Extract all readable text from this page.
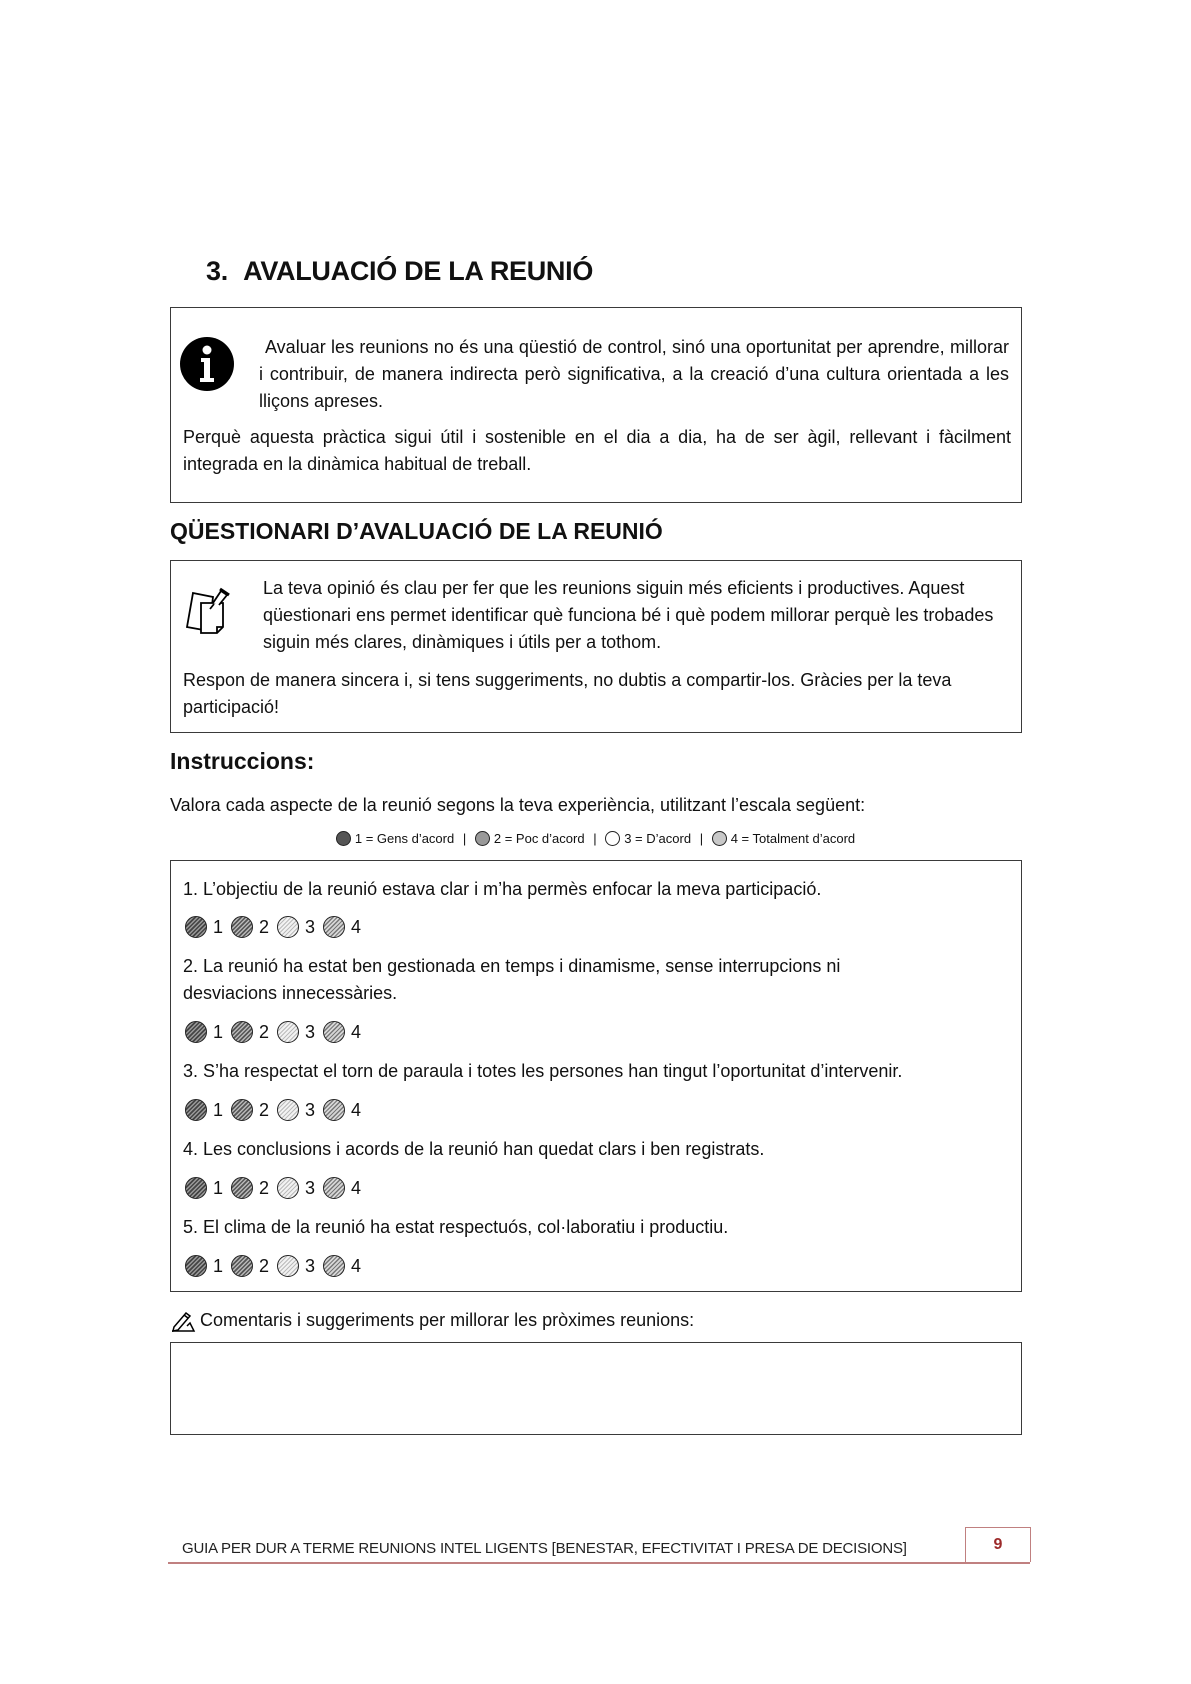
3. AVALUACIÓ DE LA REUNIÓ
Avaluar les reunions no és una qüestió de control, sinó una oportunitat per aprendre, millorar i contribuir, de manera indirecta però significativa, a la creació d’una cultura orientada a les lliçons apreses.
Perquè aquesta pràctica sigui útil i sostenible en el dia a dia, ha de ser àgil, rellevant i fàcilment integrada en la dinàmica habitual de treball.
QÜESTIONARI D’AVALUACIÓ DE LA REUNIÓ
La teva opinió és clau per fer que les reunions siguin més eficients i productives. Aquest qüestionari ens permet identificar què funciona bé i què podem millorar perquè les trobades siguin més clares, dinàmiques i útils per a tothom.
Respon de manera sincera i, si tens suggeriments, no dubtis a compartir-los. Gràcies per la teva participació!
Instruccions:
Valora cada aspecte de la reunió segons la teva experiència, utilitzant l’escala següent:
1 = Gens d’acord | 2 = Poc d’acord | 3 = D’acord | 4 = Totalment d’acord
1. L’objectiu de la reunió estava clar i m’ha permès enfocar la meva participació.
1 2 3 4
2. La reunió ha estat ben gestionada en temps i dinamisme, sense interrupcions ni desviacions innecessàries.
1 2 3 4
3. S’ha respectat el torn de paraula i totes les persones han tingut l’oportunitat d’intervenir.
1 2 3 4
4. Les conclusions i acords de la reunió han quedat clars i ben registrats.
1 2 3 4
5. El clima de la reunió ha estat respectuós, col·laboratiu i productiu.
1 2 3 4
Comentaris i suggeriments per millorar les pròximes reunions:
GUIA PER DUR A TERME REUNIONS INTEL LIGENTS [BENESTAR, EFECTIVITAT I PRESA DE DECISIONS]	9
